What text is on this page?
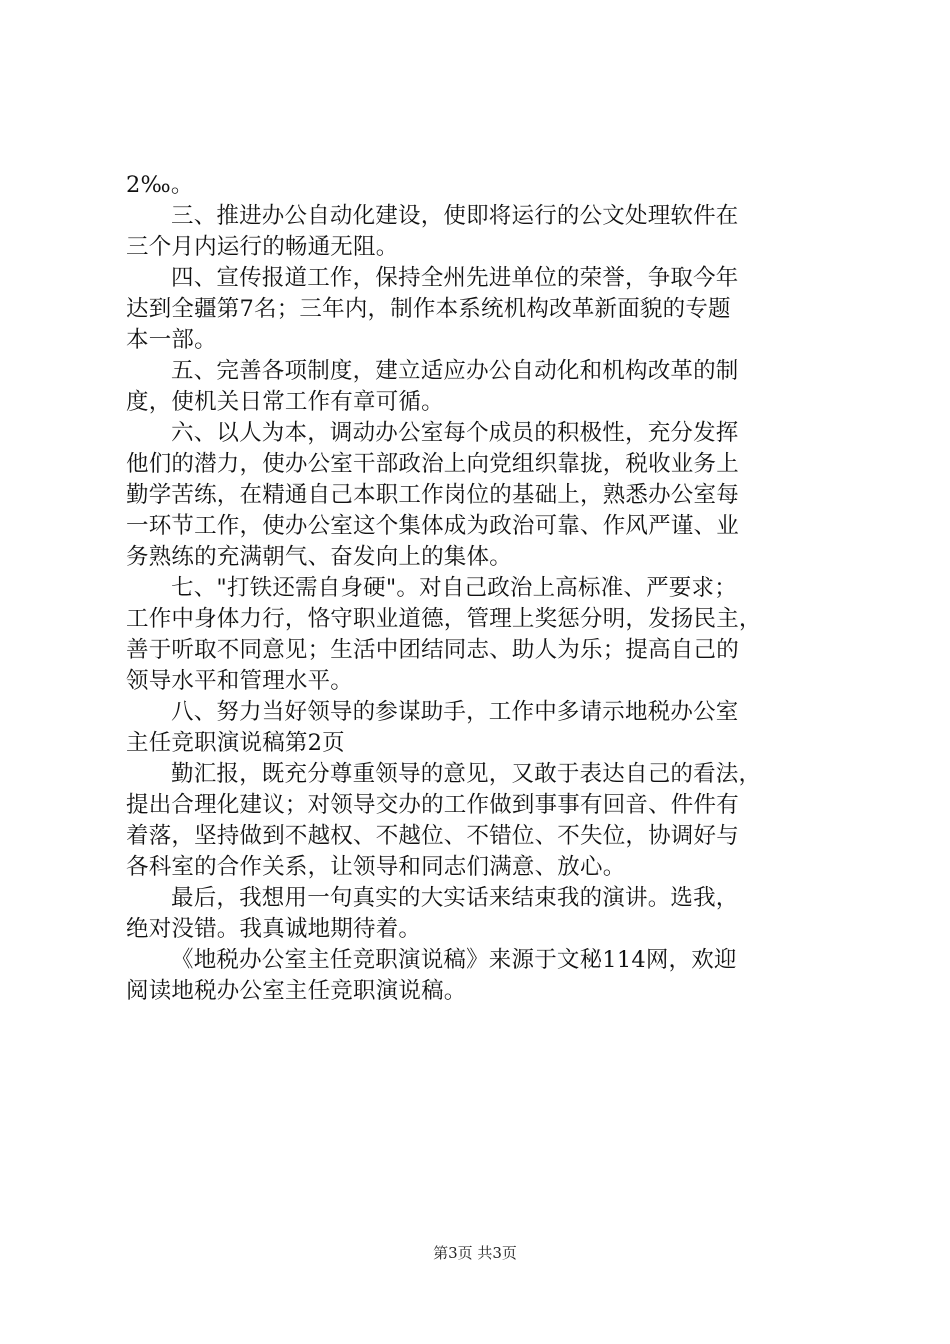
2‰。
三、推进办公自动化建设，使即将运行的公文处理软件在
三个月内运行的畅通无阻。
四、宣传报道工作，保持全州先进单位的荣誉，争取今年
达到全疆第7名；三年内，制作本系统机构改革新面貌的专题
本一部。
五、完善各项制度，建立适应办公自动化和机构改革的制
度，使机关日常工作有章可循。
六、以人为本，调动办公室每个成员的积极性，充分发挥
他们的潜力，使办公室干部政治上向党组织靠拢，税收业务上
勤学苦练，在精通自己本职工作岗位的基础上，熟悉办公室每
一环节工作，使办公室这个集体成为政治可靠、作风严谨、业
务熟练的充满朝气、奋发向上的集体。
七、"打铁还需自身硬"。对自己政治上高标准、严要求；
工作中身体力行，恪守职业道德，管理上奖惩分明，发扬民主，
善于听取不同意见；生活中团结同志、助人为乐；提高自己的
领导水平和管理水平。
八、努力当好领导的参谋助手，工作中多请示地税办公室
主任竞职演说稿第2页
勤汇报，既充分尊重领导的意见，又敢于表达自己的看法，
提出合理化建议；对领导交办的工作做到事事有回音、件件有
着落，坚持做到不越权、不越位、不错位、不失位，协调好与
各科室的合作关系，让领导和同志们满意、放心。
最后，我想用一句真实的大实话来结束我的演讲。选我，
绝对没错。我真诚地期待着。
《地税办公室主任竞职演说稿》来源于文秘114网，欢迎
阅读地税办公室主任竞职演说稿。
第3页 共3页
